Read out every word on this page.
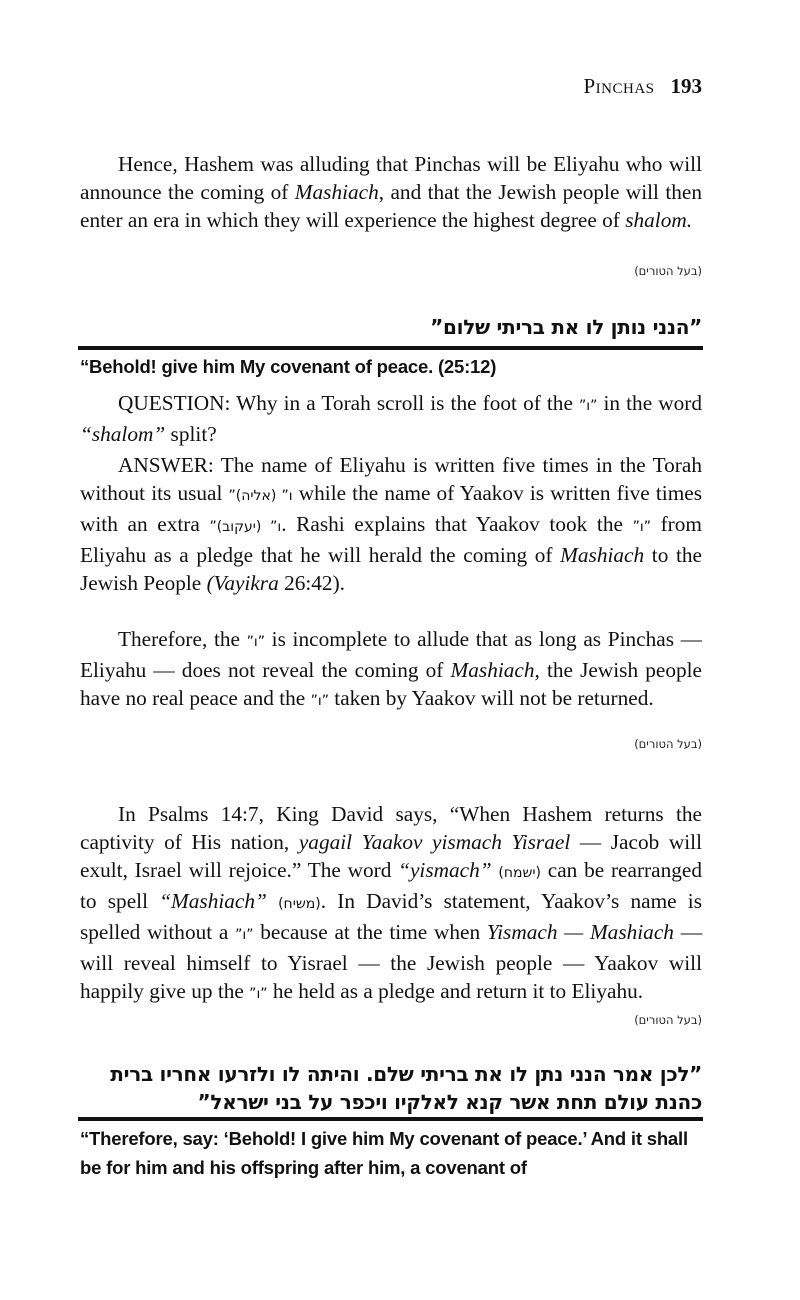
Pinchas 193

Hence, Hashem was alluding that Pinchas will be Eliyahu who will announce the coming of Mashiach, and that the Jewish people will then enter an era in which they will experience the highest degree of shalom.

(בעל הטורים)
”הנני נותן לו את בריתי שלום”
“Behold! give him My covenant of peace. (25:12)

QUESTION: Why in a Torah scroll is the foot of the ”ו” in the word “shalom” split?

ANSWER: The name of Eliyahu is written five times in the Torah without its usual ”ו” (אליה) while the name of Yaakov is written five times with an extra ”ו” (יעקוב). Rashi explains that Yaakov took the ”ו” from Eliyahu as a pledge that he will herald the coming of Mashiach to the Jewish People (Vayikra 26:42).

Therefore, the ”ו” is incomplete to allude that as long as Pinchas — Eliyahu — does not reveal the coming of Mashiach, the Jewish people have no real peace and the ”ו” taken by Yaakov will not be returned.

(בעל הטורים)

In Psalms 14:7, King David says, “When Hashem returns the captivity of His nation, yagail Yaakov yismach Yisrael — Jacob will exult, Israel will rejoice.” The word “yismach” (ישמח) can be rearranged to spell “Mashiach” (משיח). In David’s statement, Yaakov’s name is spelled without a ”ו” because at the time when Yismach — Mashiach — will reveal himself to Yisrael — the Jewish people — Yaakov will happily give up the ”ו” he held as a pledge and return it to Eliyahu.

(בעל הטורים)
”לכן אמר הנני נתן לו את בריתי שלם. והיתה לו ולזרעו אחריו ברית
כהנת עולם תחת אשר קנא לאלקיו ויכפר על בני ישראל”
“Therefore, say: ‘Behold! I give him My covenant of peace.’ And it shall be for him and his offspring after him, a covenant of
